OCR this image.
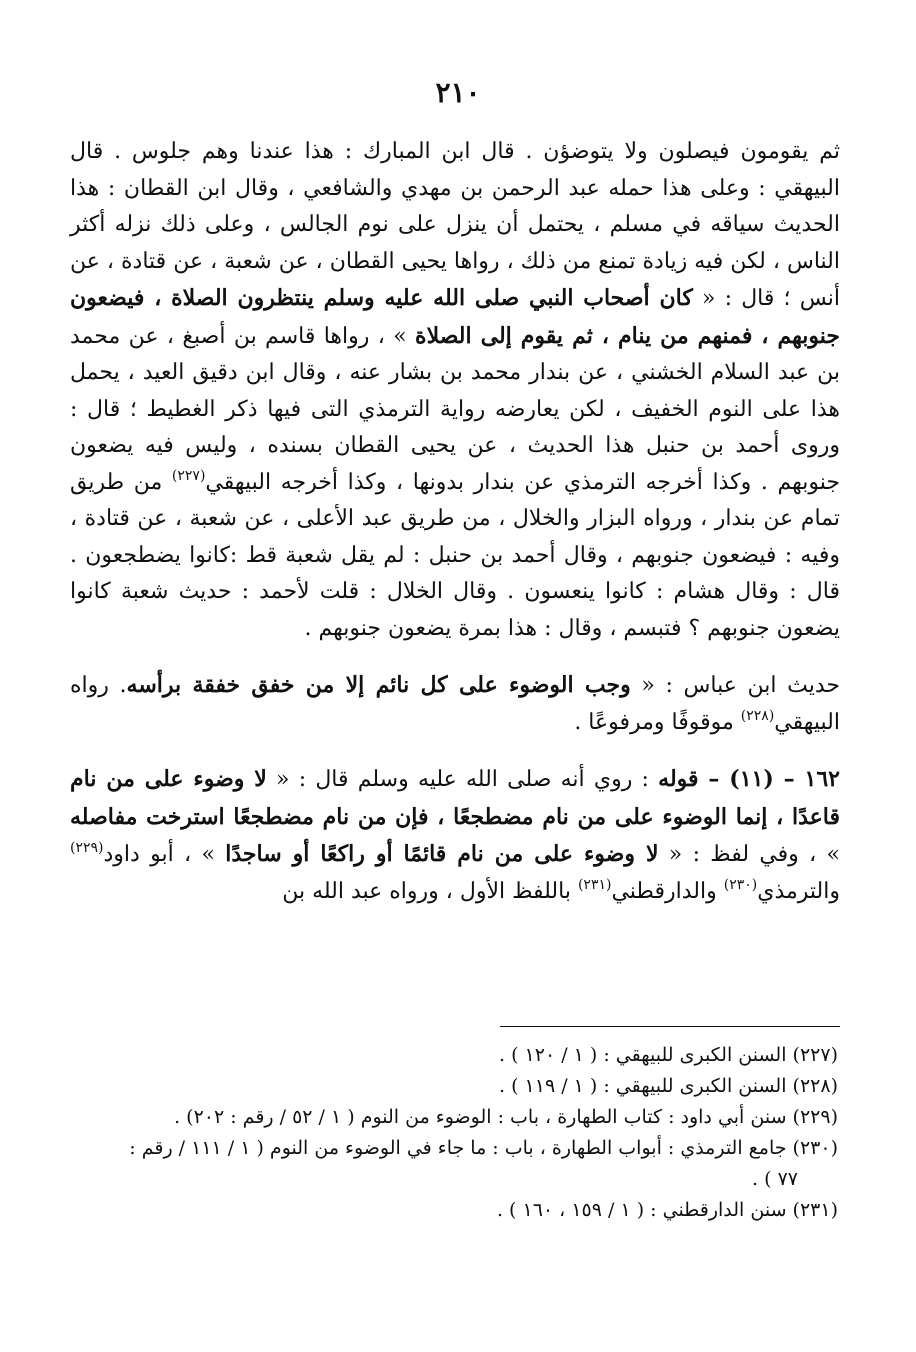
٢١٠

ثم يقومون فيصلون ولا يتوضؤن . قال ابن المبارك : هذا عندنا وهم جلوس . قال البيهقي : وعلى هذا حمله عبد الرحمن بن مهدي والشافعي ، وقال ابن القطان : هذا الحديث سياقه في مسلم ، يحتمل أن ينزل على نوم الجالس ، وعلى ذلك نزله أكثر الناس ، لكن فيه زيادة تمنع من ذلك ، رواها يحيى القطان ، عن شعبة ، عن قتادة ، عن أنس ؛ قال : « كان أصحاب النبي صلى الله عليه وسلم ينتظرون الصلاة ، فيضعون جنوبهم ، فمنهم من ينام ، ثم يقوم إلى الصلاة » ، رواها قاسم بن أصبغ ، عن محمد بن عبد السلام الخشني ، عن بندار محمد بن بشار عنه ، وقال ابن دقيق العيد ، يحمل هذا على النوم الخفيف ، لكن يعارضه رواية الترمذي التى فيها ذكر الغطيط ؛ قال : وروى أحمد بن حنبل هذا الحديث ، عن يحيى القطان بسنده ، وليس فيه يضعون جنوبهم . وكذا أخرجه الترمذي عن بندار بدونها ، وكذا أخرجه البيهقي$^{(٢٢٧)}$ من طريق تمام عن بندار ، ورواه البزار والخلال ، من طريق عبد الأعلى ، عن شعبة ، عن قتادة ، وفيه : فيضعون جنوبهم ، وقال أحمد بن حنبل : لم يقل شعبة قط :كانوا يضطجعون . قال : وقال هشام : كانوا ينعسون . وقال الخلال : قلت لأحمد : حديث شعبة كانوا يضعون جنوبهم ؟ فتبسم ، وقال : هذا بمرة يضعون جنوبهم .

حديث ابن عباس : « وجب الوضوء على كل نائم إلا من خفق خفقة برأسه. رواه البيهقي$^{(٢٢٨)}$ موقوفًا ومرفوعًا .

١٦٢ – (١١) – قوله : روي أنه صلى الله عليه وسلم قال : « لا وضوء على من نام قاعدًا ، إنما الوضوء على من نام مضطجعًا ، فإن من نام مضطجعًا استرخت مفاصله » ، وفي لفظ : « لا وضوء على من نام قائمًا أو راكعًا أو ساجدًا » ، أبو داود$^{(٢٢٩)}$ والترمذي$^{(٢٣٠)}$ والدارقطني$^{(٢٣١)}$ باللفظ الأول ، ورواه عبد الله بن

(٢٢٧) السنن الكبرى للبيهقي : ( ١ / ١٢٠ ) .

(٢٢٨) السنن الكبرى للبيهقي : ( ١ / ١١٩ ) .

(٢٢٩) سنن أبي داود : كتاب الطهارة ، باب : الوضوء من النوم ( ١ / ٥٢ / رقم : ٢٠٢) .

(٢٣٠) جامع الترمذي : أبواب الطهارة ، باب : ما جاء في الوضوء من النوم ( ١ / ١١١ / رقم :

٧٧ ) .

(٢٣١) سنن الدارقطني : ( ١ / ١٥٩ ، ١٦٠ ) .
